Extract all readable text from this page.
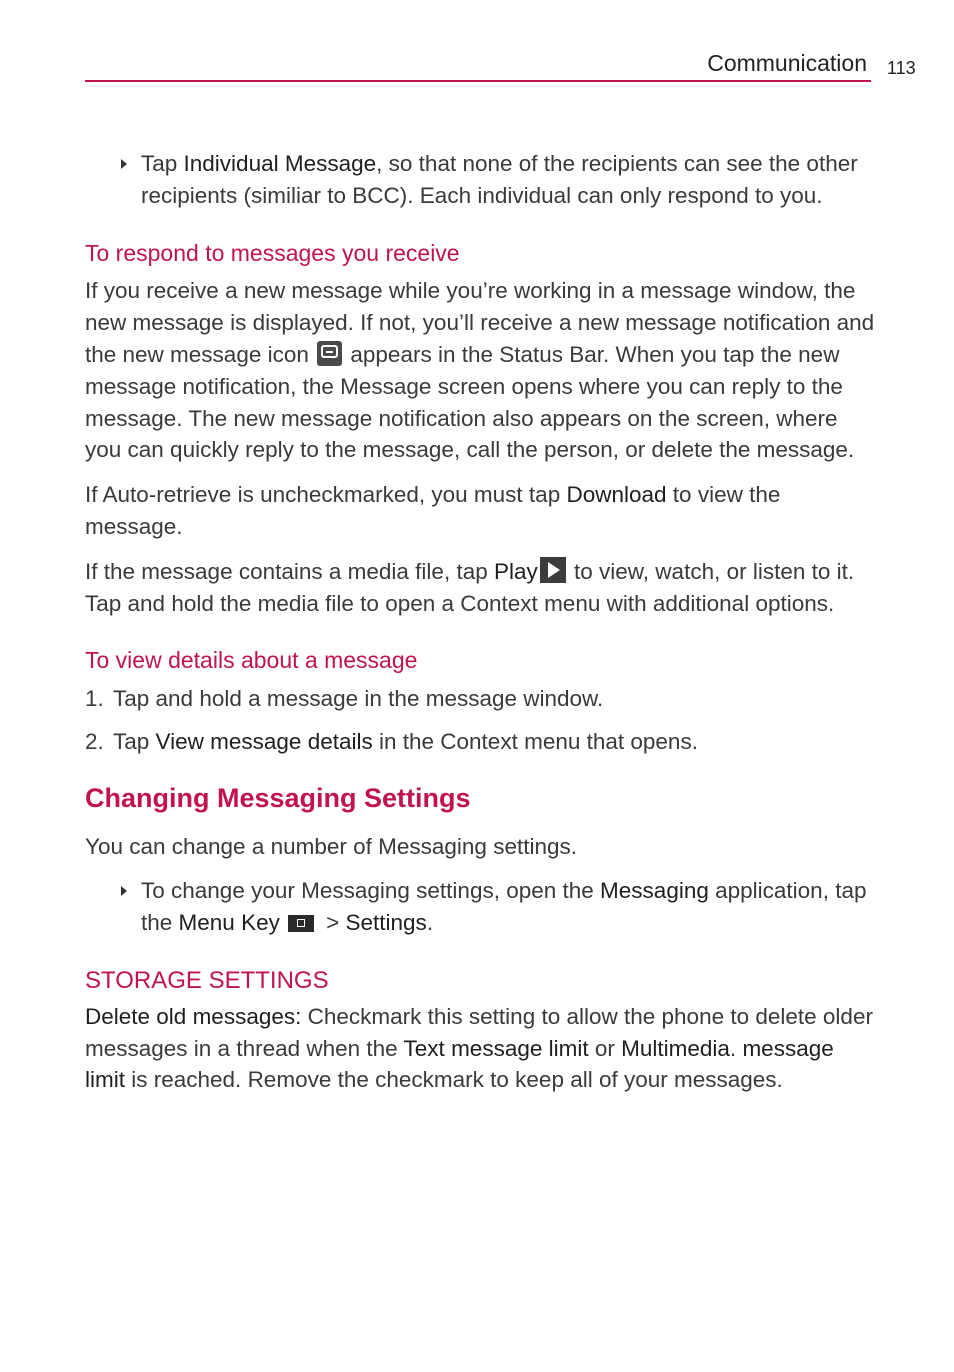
Communication 113

Tap Individual Message, so that none of the recipients can see the other recipients (similiar to BCC). Each individual can only respond to you.

To respond to messages you receive

If you receive a new message while you’re working in a message window, the new message is displayed. If not, you’ll receive a new message notification and the new message icon  appears in the Status Bar. When you tap the new message notification, the Message screen opens where you can reply to the message. The new message notification also appears on the screen, where you can quickly reply to the message, call the person, or delete the message.

If Auto-retrieve is uncheckmarked, you must tap Download to view the message.

If the message contains a media file, tap Play to view, watch, or listen to it. Tap and hold the media file to open a Context menu with additional options.

To view details about a message

1. Tap and hold a message in the message window.

2. Tap View message details in the Context menu that opens.

Changing Messaging Settings

You can change a number of Messaging settings.

To change your Messaging settings, open the Messaging application, tap the Menu Key > Settings.

STORAGE SETTINGS

Delete old messages: Checkmark this setting to allow the phone to delete older messages in a thread when the Text message limit or Multimedia. message limit is reached. Remove the checkmark to keep all of your messages.
